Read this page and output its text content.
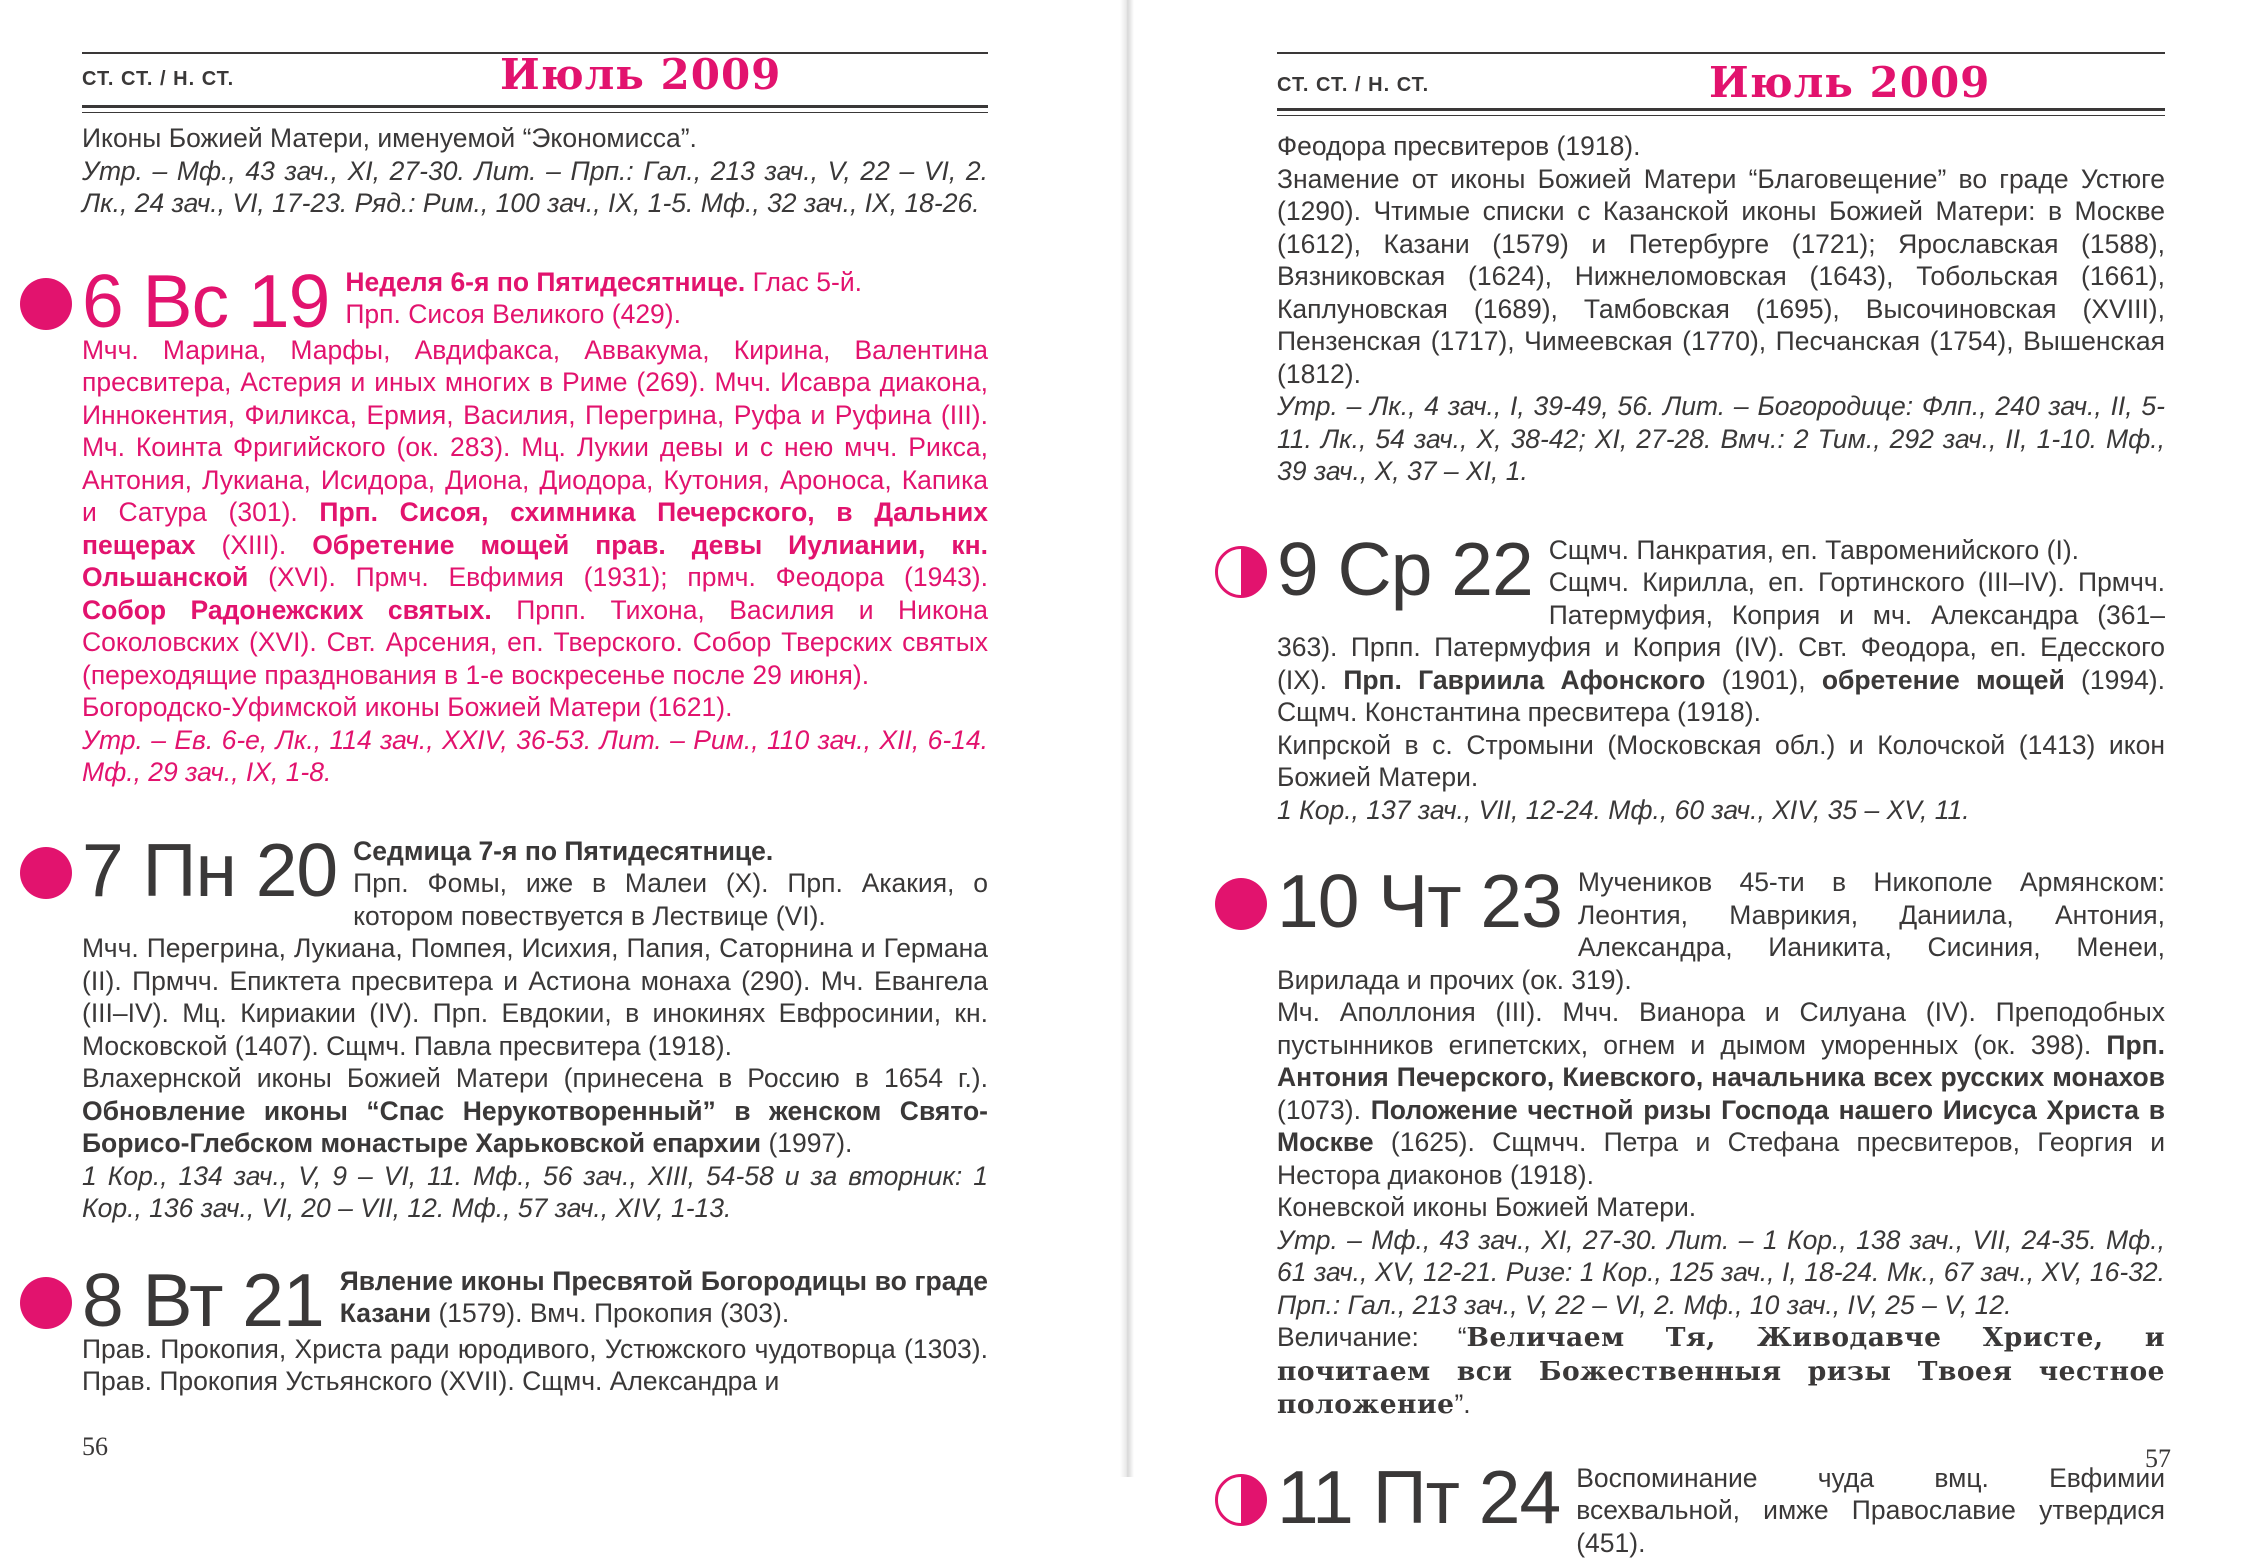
СТ. СТ. / Н. СТ.	Июль 2009

Иконы Божией Матери, именуемой “Экономисса”.

Утр. – Мф., 43 зач., XI, 27-30. Лит. – Прп.: Гал., 213 зач., V, 22 – VI, 2. Лк., 24 зач., VI, 17-23. Ряд.: Рим., 100 зач., IX, 1-5. Мф., 32 зач., IX, 18-26.

6 Вс 19 Неделя 6-я по Пятидесятнице. Глас 5-й.

Прп. Сисоя Великого (429).

Мчч. Марина, Марфы, Авдифакса, Аввакума, Кирина, Валентина пресвитера, Астерия и иных многих в Риме (269). Мчч. Исавра диакона, Иннокентия, Филикса, Ермия, Василия, Перегрина, Руфа и Руфина (III). Мч. Коинта Фригийского (ок. 283). Мц. Лукии девы и с нею мчч. Рикса, Антония, Лукиана, Исидора, Диона, Диодора, Кутония, Ароноса, Капика и Сатура (301). Прп. Сисоя, схимника Печерского, в Дальних пещерах (XIII). Обретение мощей прав. девы Иулиании, кн. Ольшанской (XVI). Прмч. Евфимия (1931); прмч. Феодора (1943). Собор Радонежских святых. Прпп. Тихона, Василия и Никона Соколовских (XVI). Свт. Арсения, еп. Тверского. Собор Тверских святых (переходящие празднования в 1-е воскресенье после 29 июня).

Богородско-Уфимской иконы Божией Матери (1621).

Утр. – Ев. 6-е, Лк., 114 зач., XXIV, 36-53. Лит. – Рим., 110 зач., XII, 6-14. Мф., 29 зач., IX, 1-8.

7 Пн 20 Седмица 7-я по Пятидесятнице.

Прп. Фомы, иже в Малеи (X). Прп. Акакия, о котором повествуется в Лествице (VI).

Мчч. Перегрина, Лукиана, Помпея, Исихия, Папия, Саторнина и Германа (II). Прмчч. Епиктета пресвитера и Астиона монаха (290). Мч. Евангела (III–IV). Мц. Кириакии (IV). Прп. Евдокии, в инокинях Евфросинии, кн. Московской (1407). Сщмч. Павла пресвитера (1918).

Влахернской иконы Божией Матери (принесена в Россию в 1654 г.). Обновление иконы “Спас Нерукотворенный” в женском Свято-Борисо-Глебском монастыре Харьковской епархии (1997).

1 Кор., 134 зач., V, 9 – VI, 11. Мф., 56 зач., XIII, 54-58 и за вторник: 1 Кор., 136 зач., VI, 20 – VII, 12. Мф., 57 зач., XIV, 1-13.

8 Вт 21 Явление иконы Пресвятой Богородицы во граде Казани (1579). Вмч. Прокопия (303).

Прав. Прокопия, Христа ради юродивого, Устюжского чудотворца (1303). Прав. Прокопия Устьянского (XVII). Сщмч. Александра и

56
СТ. СТ. / Н. СТ.	Июль 2009

Феодора пресвитеров (1918).

Знамение от иконы Божией Матери “Благовещение” во граде Устюге (1290). Чтимые списки с Казанской иконы Божией Матери: в Москве (1612), Казани (1579) и Петербурге (1721); Ярославская (1588), Вязниковская (1624), Нижнеломовская (1643), Тобольская (1661), Каплуновская (1689), Тамбовская (1695), Высочиновская (XVIII), Пензенская (1717), Чимеевская (1770), Песчанская (1754), Вышенская (1812).

Утр. – Лк., 4 зач., I, 39-49, 56. Лит. – Богородице: Флп., 240 зач., II, 5-11. Лк., 54 зач., X, 38-42; XI, 27-28. Вмч.: 2 Тим., 292 зач., II, 1-10. Мф., 39 зач., X, 37 – XI, 1.

9 Ср 22 Сщмч. Панкратия, еп. Тавроменийского (I).

Сщмч. Кирилла, еп. Гортинского (III–IV). Прмчч. Патермуфия, Коприя и мч. Александра (361–363). Прпп. Патермуфия и Коприя (IV). Свт. Феодора, еп. Едесского (IX). Прп. Гавриила Афонского (1901), обретение мощей (1994). Сщмч. Константина пресвитера (1918).

Кипрской в с. Стромыни (Московская обл.) и Колочской (1413) икон Божией Матери.

1 Кор., 137 зач., VII, 12-24. Мф., 60 зач., XIV, 35 – XV, 11.

10 Чт 23 Мучеников 45-ти в Никополе Армянском: Леонтия, Маврикия, Даниила, Антония, Александра, Ианикита, Сисиния, Менеи, Вирилада и прочих (ок. 319).

Мч. Аполлония (III). Мчч. Вианора и Силуана (IV). Преподобных пустынников египетских, огнем и дымом уморенных (ок. 398). Прп. Антония Печерского, Киевского, начальника всех русских монахов (1073). Положение честной ризы Господа нашего Иисуса Христа в Москве (1625). Сщмчч. Петра и Стефана пресвитеров, Георгия и Нестора диаконов (1918).

Коневской иконы Божией Матери.

Утр. – Мф., 43 зач., XI, 27-30. Лит. – 1 Кор., 138 зач., VII, 24-35. Мф., 61 зач., XV, 12-21. Ризе: 1 Кор., 125 зач., I, 18-24. Мк., 67 зач., XV, 16-32. Прп.: Гал., 213 зач., V, 22 – VI, 2. Мф., 10 зач., IV, 25 – V, 12.

Величание: “Величаем Тя, Живодавче Христе, и почитаем вси Божественныя ризы Твоея честное положение”.

11 Пт 24 Воспоминание чуда вмц. Евфимии всехвальной, имже Православие утвердися (451).

57
